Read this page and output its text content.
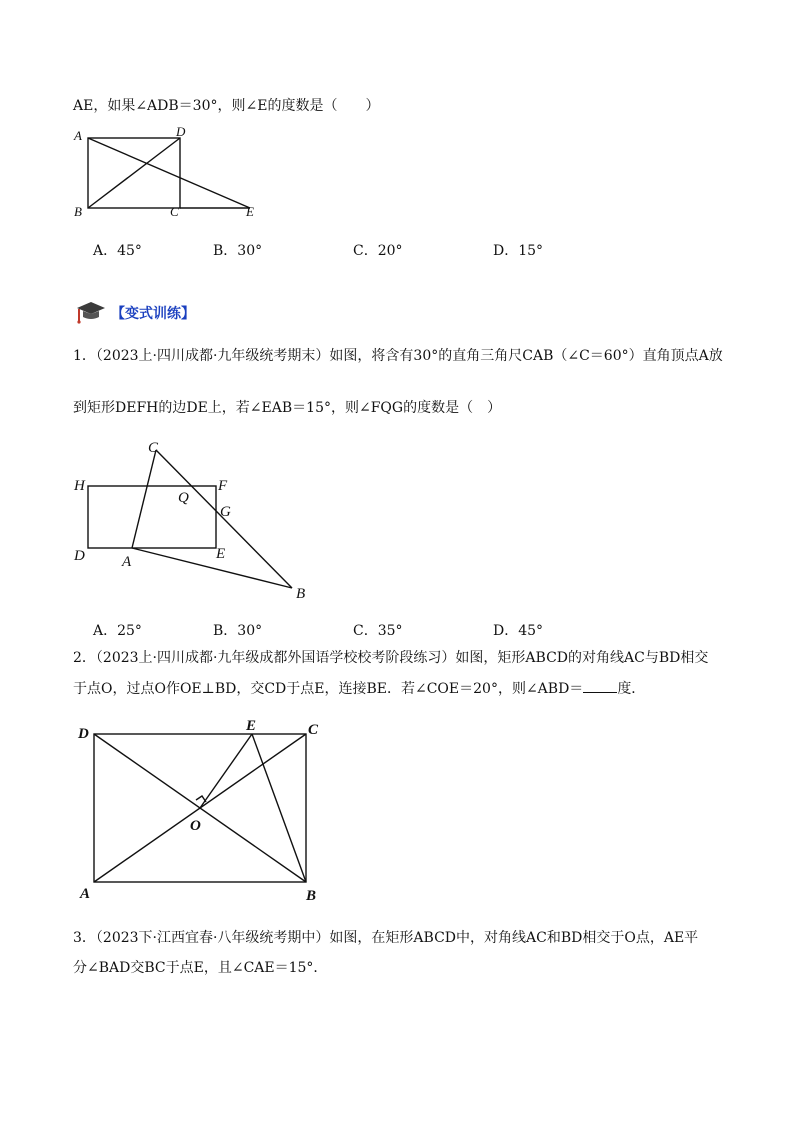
AE，如果∠ADB＝30°，则∠E的度数是（　　）
A	D
B	C	E
A．45°	B．30°	C．20°	D．15°
【变式训练】
1．（2023上·四川成都·九年级统考期末）如图，将含有30°的直角三角尺CAB（∠C＝60°）直角顶点A放
到矩形DEFH的边DE上，若∠EAB＝15°，则∠FQG的度数是（　）
C
H	F
Q
G
D A	E
B
A．25°	B．30°	C．35°	D．45°
2．（2023上·四川成都·九年级成都外国语学校校考阶段练习）如图，矩形ABCD的对角线AC与BD相交
于点O，过点O作OE⊥BD，交CD于点E，连接BE．若∠COE＝20°，则∠ABD＝ 度．
D	E	C
O
A	B
3．（2023下·江西宜春·八年级统考期中）如图，在矩形ABCD中，对角线AC和BD相交于O点，AE平
分∠BAD交BC于点E，且∠CAE＝15°．
